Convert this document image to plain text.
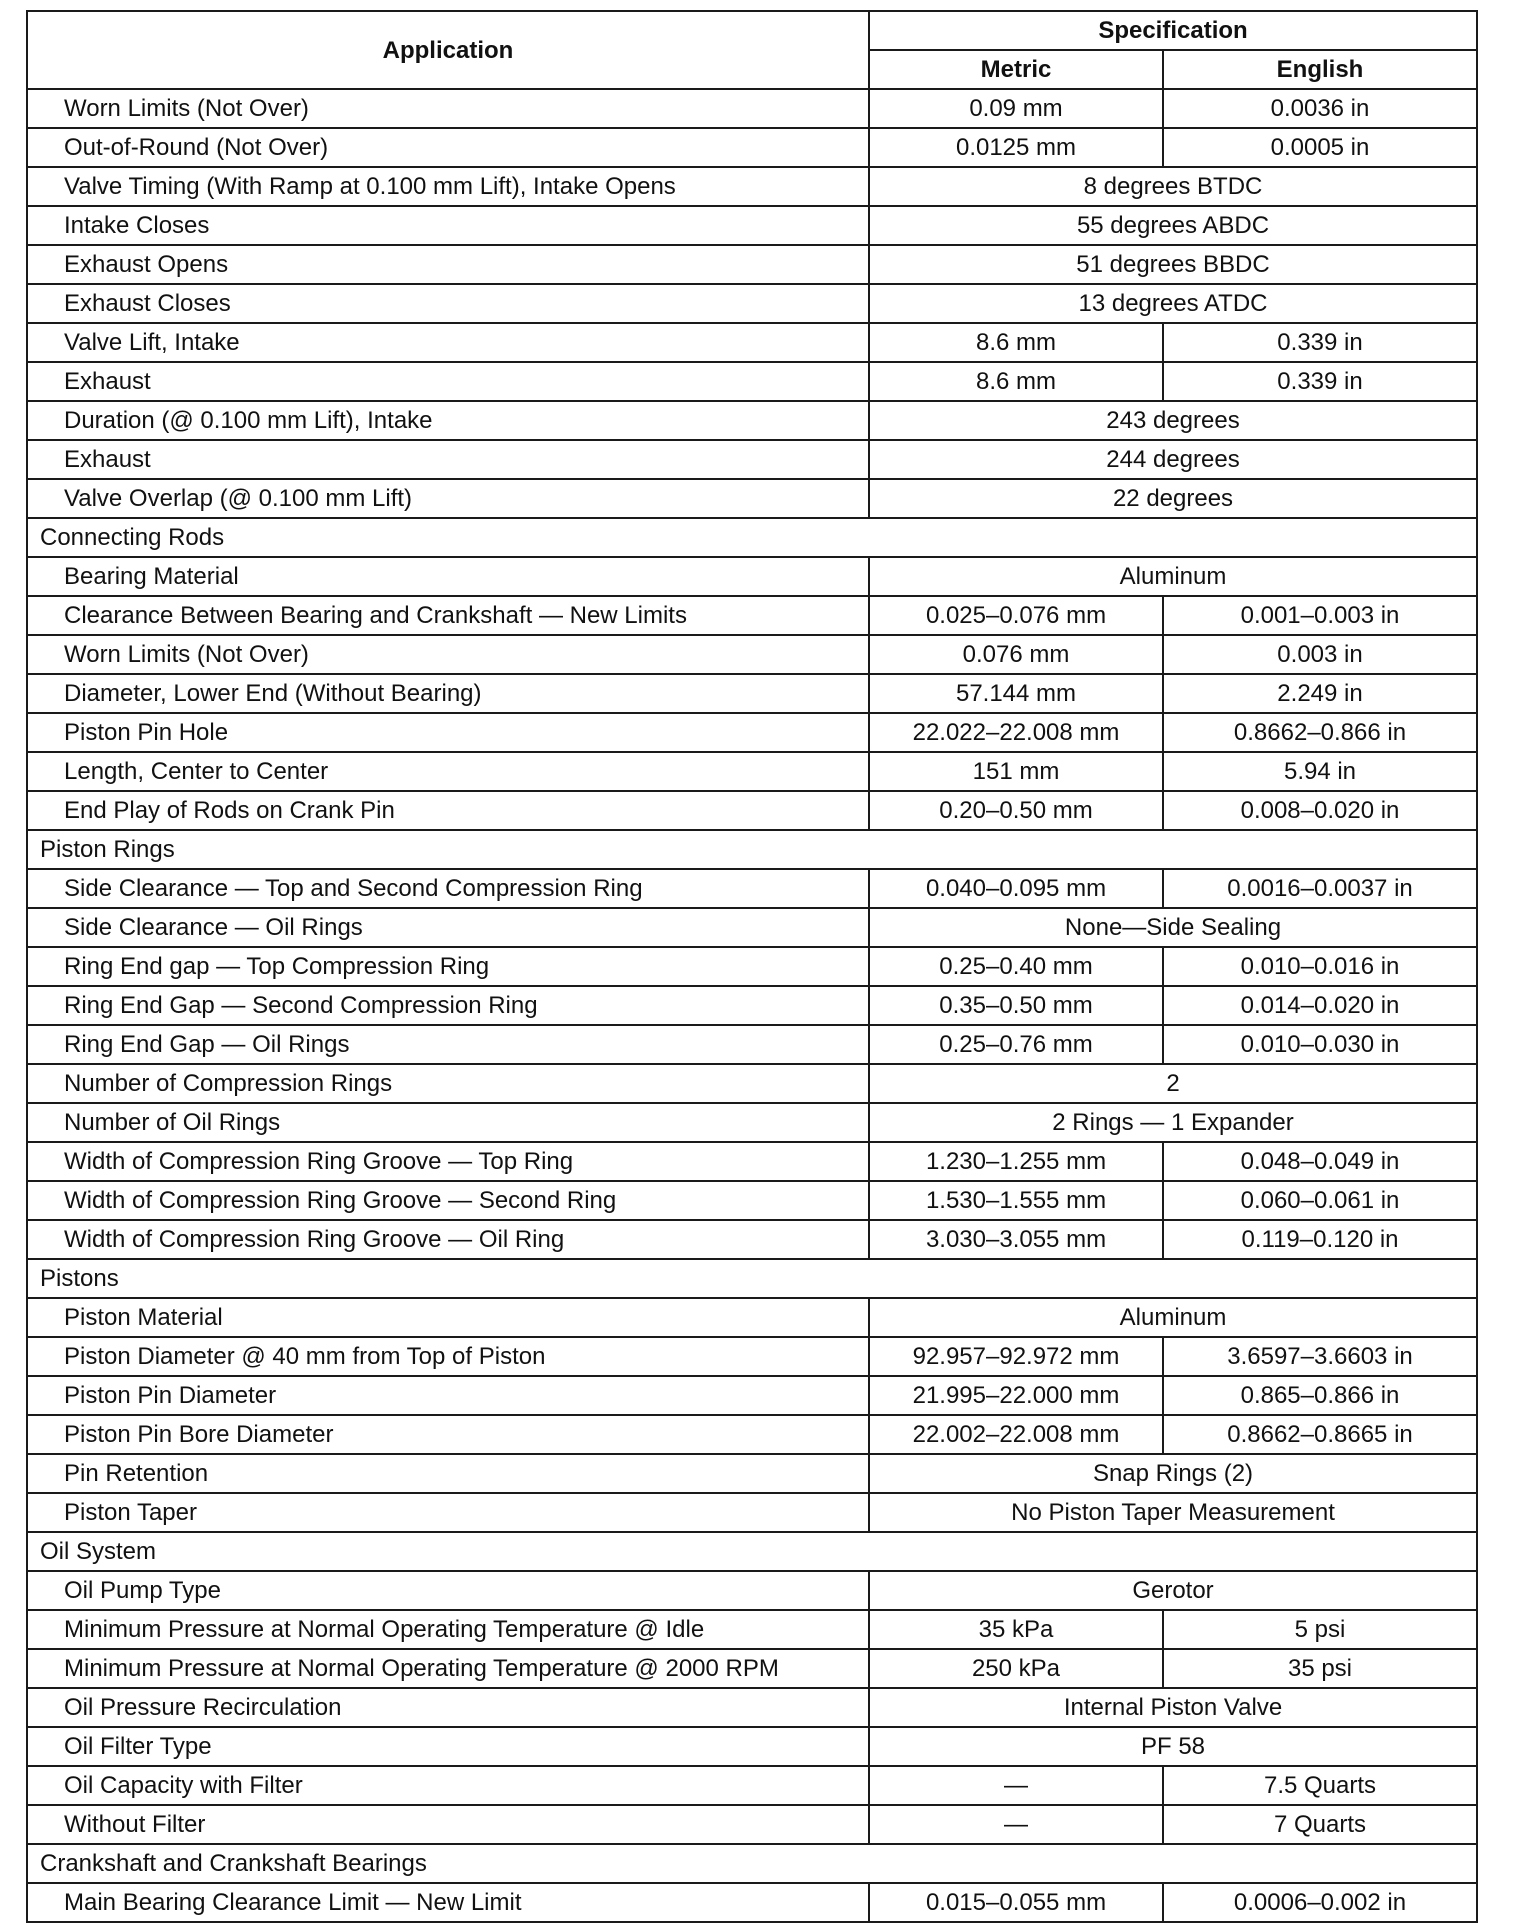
Application	Specification	
	Metric	English
Worn Limits (Not Over)	0.09 mm	0.0036 in
Out-of-Round (Not Over)	0.0125 mm	0.0005 in
Valve Timing (With Ramp at 0.100 mm Lift), Intake Opens	8 degrees BTDC	
Intake Closes	55 degrees ABDC	
Exhaust Opens	51 degrees BBDC	
Exhaust Closes	13 degrees ATDC	
Valve Lift, Intake	8.6 mm	0.339 in
Exhaust	8.6 mm	0.339 in
Duration (@ 0.100 mm Lift), Intake	243 degrees	
Exhaust	244 degrees	
Valve Overlap (@ 0.100 mm Lift)	22 degrees	
Connecting Rods		
Bearing Material	Aluminum	
Clearance Between Bearing and Crankshaft — New Limits	0.025–0.076 mm	0.001–0.003 in
Worn Limits (Not Over)	0.076 mm	0.003 in
Diameter, Lower End (Without Bearing)	57.144 mm	2.249 in
Piston Pin Hole	22.022–22.008 mm	0.8662–0.866 in
Length, Center to Center	151 mm	5.94 in
End Play of Rods on Crank Pin	0.20–0.50 mm	0.008–0.020 in
Piston Rings		
Side Clearance — Top and Second Compression Ring	0.040–0.095 mm	0.0016–0.0037 in
Side Clearance — Oil Rings	None—Side Sealing	
Ring End gap — Top Compression Ring	0.25–0.40 mm	0.010–0.016 in
Ring End Gap — Second Compression Ring	0.35–0.50 mm	0.014–0.020 in
Ring End Gap — Oil Rings	0.25–0.76 mm	0.010–0.030 in
Number of Compression Rings	2	
Number of Oil Rings	2 Rings — 1 Expander	
Width of Compression Ring Groove — Top Ring	1.230–1.255 mm	0.048–0.049 in
Width of Compression Ring Groove — Second Ring	1.530–1.555 mm	0.060–0.061 in
Width of Compression Ring Groove — Oil Ring	3.030–3.055 mm	0.119–0.120 in
Pistons		
Piston Material	Aluminum	
Piston Diameter @ 40 mm from Top of Piston	92.957–92.972 mm	3.6597–3.6603 in
Piston Pin Diameter	21.995–22.000 mm	0.865–0.866 in
Piston Pin Bore Diameter	22.002–22.008 mm	0.8662–0.8665 in
Pin Retention	Snap Rings (2)	
Piston Taper	No Piston Taper Measurement	
Oil System		
Oil Pump Type	Gerotor	
Minimum Pressure at Normal Operating Temperature @ Idle	35 kPa	5 psi
Minimum Pressure at Normal Operating Temperature @ 2000 RPM	250 kPa	35 psi
Oil Pressure Recirculation	Internal Piston Valve	
Oil Filter Type	PF 58	
Oil Capacity with Filter	—	7.5 Quarts
Without Filter	—	7 Quarts
Crankshaft and Crankshaft Bearings		
Main Bearing Clearance Limit — New Limit	0.015–0.055 mm	0.0006–0.002 in
